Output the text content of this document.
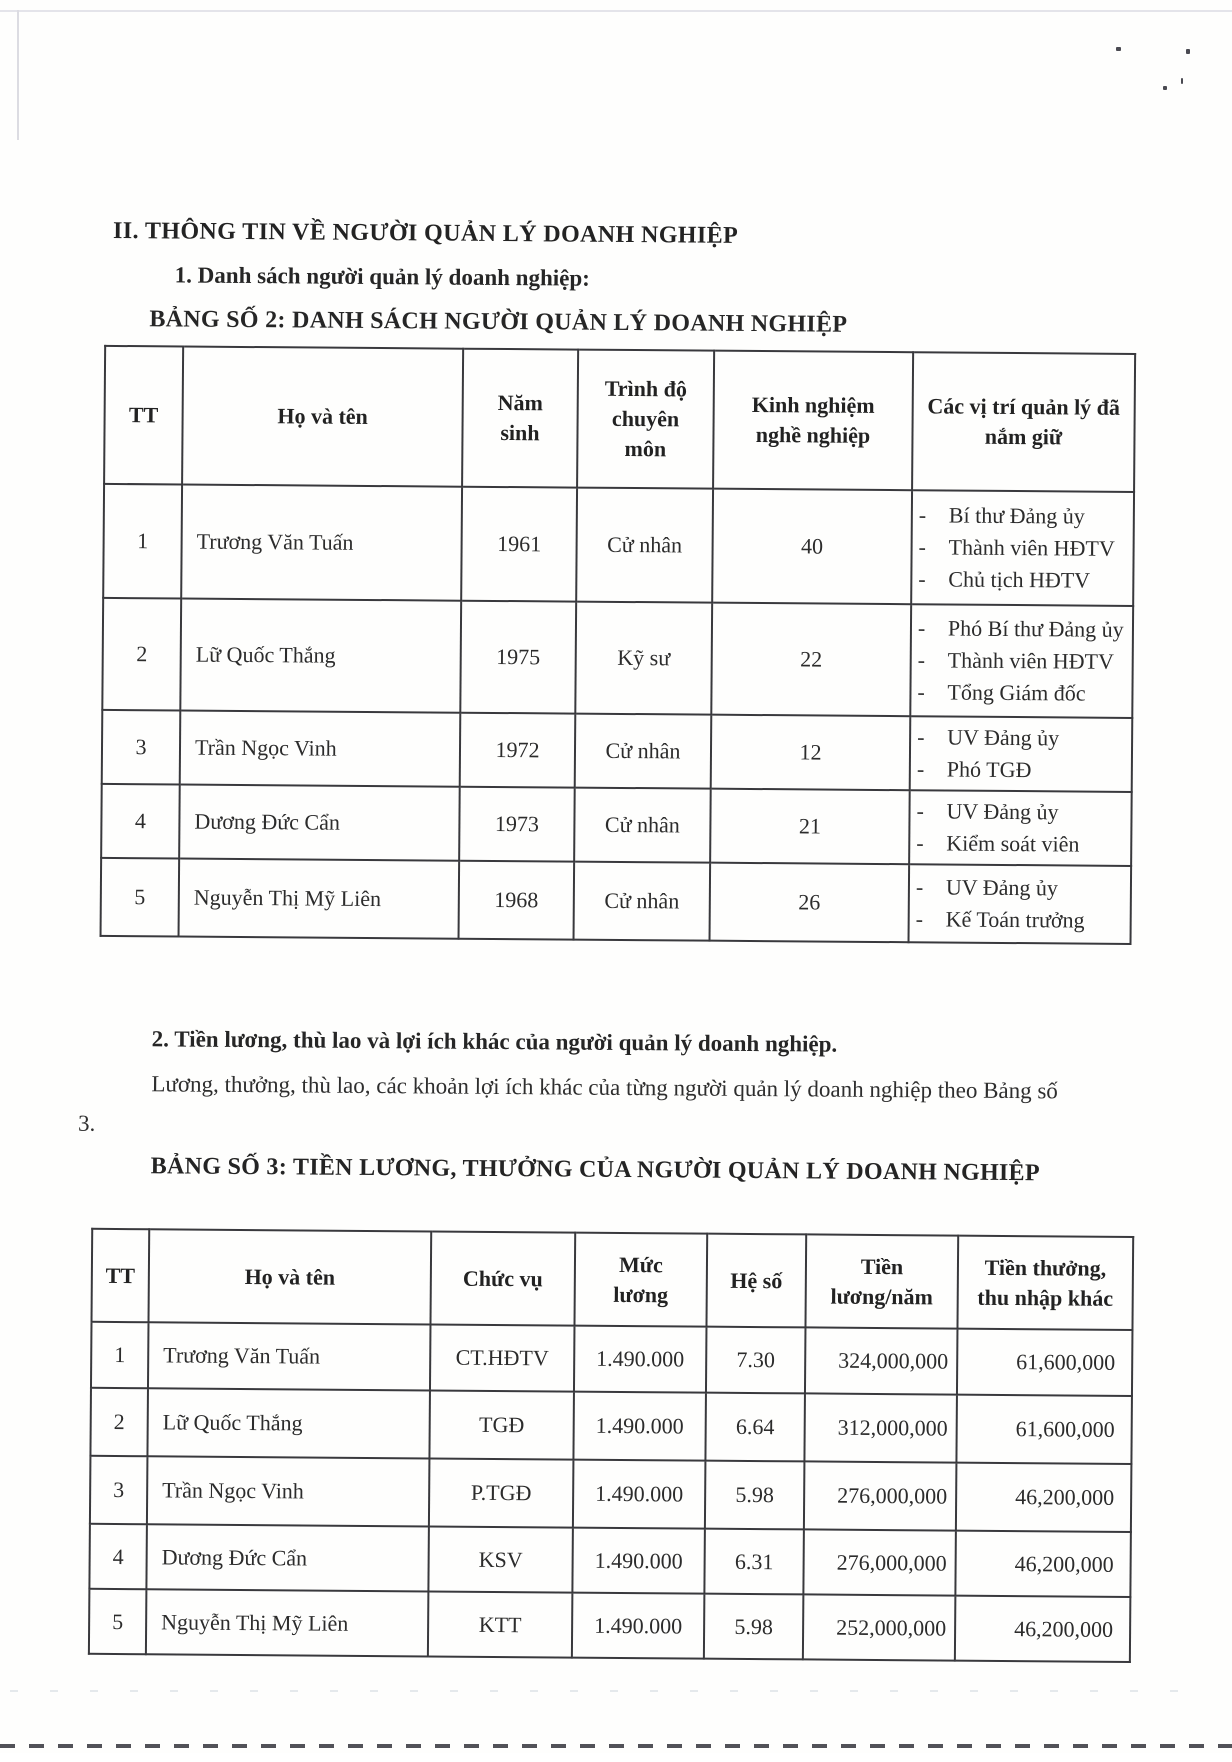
II. THÔNG TIN VỀ NGƯỜI QUẢN LÝ DOANH NGHIỆP
1. Danh sách người quản lý doanh nghiệp:
BẢNG SỐ 2: DANH SÁCH NGƯỜI QUẢN LÝ DOANH NGHIỆP
TT	Họ và tên	Năm sinh	Trình độ chuyên môn	Kinh nghiệm nghề nghiệp	Các vị trí quản lý đã nắm giữ
1	Trương Văn Tuấn	1961	Cử nhân	40	- Bí thư Đảng ủy
- Thành viên HĐTV
- Chủ tịch HĐTV

2	Lữ Quốc Thắng	1975	Kỹ sư	22	- Phó Bí thư Đảng ủy
- Thành viên HĐTV
- Tổng Giám đốc

3	Trần Ngọc Vinh	1972	Cử nhân	12	- UV Đảng ủy
- Phó TGĐ

4	Dương Đức Cẩn	1973	Cử nhân	21	- UV Đảng ủy
- Kiểm soát viên

5	Nguyễn Thị Mỹ Liên	1968	Cử nhân	26	- UV Đảng ủy
- Kế Toán trưởng
2. Tiền lương, thù lao và lợi ích khác của người quản lý doanh nghiệp.
Lương, thưởng, thù lao, các khoản lợi ích khác của từng người quản lý doanh nghiệp theo Bảng số 3.
BẢNG SỐ 3: TIỀN LƯƠNG, THƯỞNG CỦA NGƯỜI QUẢN LÝ DOANH NGHIỆP
TT	Họ và tên	Chức vụ	Mức lương	Hệ số	Tiền lương/năm	Tiền thưởng, thu nhập khác
1	Trương Văn Tuấn	CT.HĐTV	1.490.000	7.30	324,000,000	61,600,000
2	Lữ Quốc Thắng	TGĐ	1.490.000	6.64	312,000,000	61,600,000
3	Trần Ngọc Vinh	P.TGĐ	1.490.000	5.98	276,000,000	46,200,000
4	Dương Đức Cẩn	KSV	1.490.000	6.31	276,000,000	46,200,000
5	Nguyễn Thị Mỹ Liên	KTT	1.490.000	5.98	252,000,000	46,200,000
